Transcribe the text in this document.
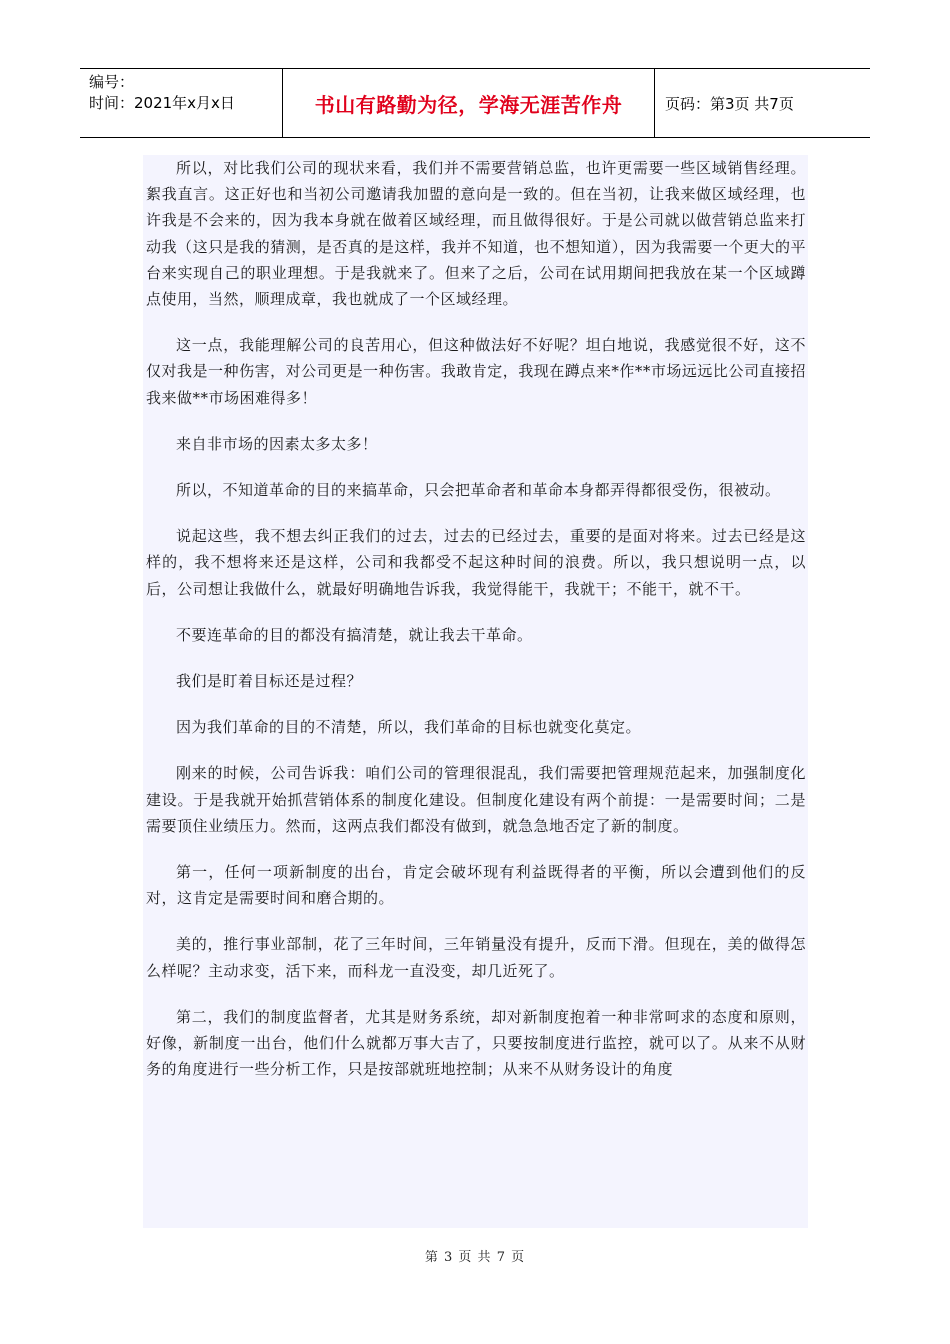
编号：
时间：2021年x月x日	书山有路勤为径，学海无涯苦作舟	页码：第3页 共7页

所以，对比我们公司的现状来看，我们并不需要营销总监，也许更需要一些区域销售经理。絮我直言。这正好也和当初公司邀请我加盟的意向是一致的。但在当初，让我来做区域经理，也许我是不会来的，因为我本身就在做着区域经理，而且做得很好。于是公司就以做营销总监来打动我（这只是我的猜测，是否真的是这样，我并不知道，也不想知道），因为我需要一个更大的平台来实现自己的职业理想。于是我就来了。但来了之后，公司在试用期间把我放在某一个区域蹲点使用，当然，顺理成章，我也就成了一个区域经理。

这一点，我能理解公司的良苦用心，但这种做法好不好呢？坦白地说，我感觉很不好，这不仅对我是一种伤害，对公司更是一种伤害。我敢肯定，我现在蹲点来*作**市场远远比公司直接招我来做**市场困难得多！

来自非市场的因素太多太多！

所以，不知道革命的目的来搞革命，只会把革命者和革命本身都弄得都很受伤，很被动。

说起这些，我不想去纠正我们的过去，过去的已经过去，重要的是面对将来。过去已经是这样的，我不想将来还是这样，公司和我都受不起这种时间的浪费。所以，我只想说明一点，以后，公司想让我做什么，就最好明确地告诉我，我觉得能干，我就干；不能干，就不干。

不要连革命的目的都没有搞清楚，就让我去干革命。

我们是盯着目标还是过程？

因为我们革命的目的不清楚，所以，我们革命的目标也就变化莫定。

刚来的时候，公司告诉我：咱们公司的管理很混乱，我们需要把管理规范起来，加强制度化建设。于是我就开始抓营销体系的制度化建设。但制度化建设有两个前提：一是需要时间；二是需要顶住业绩压力。然而，这两点我们都没有做到，就急急地否定了新的制度。

第一，任何一项新制度的出台，肯定会破坏现有利益既得者的平衡，所以会遭到他们的反对，这肯定是需要时间和磨合期的。

美的，推行事业部制，花了三年时间，三年销量没有提升，反而下滑。但现在，美的做得怎么样呢？主动求变，活下来，而科龙一直没变，却几近死了。

第二，我们的制度监督者，尤其是财务系统，却对新制度抱着一种非常呵求的态度和原则，好像，新制度一出台，他们什么就都万事大吉了，只要按制度进行监控，就可以了。从来不从财务的角度进行一些分析工作，只是按部就班地控制；从来不从财务设计的角度

第 3 页 共 7 页
